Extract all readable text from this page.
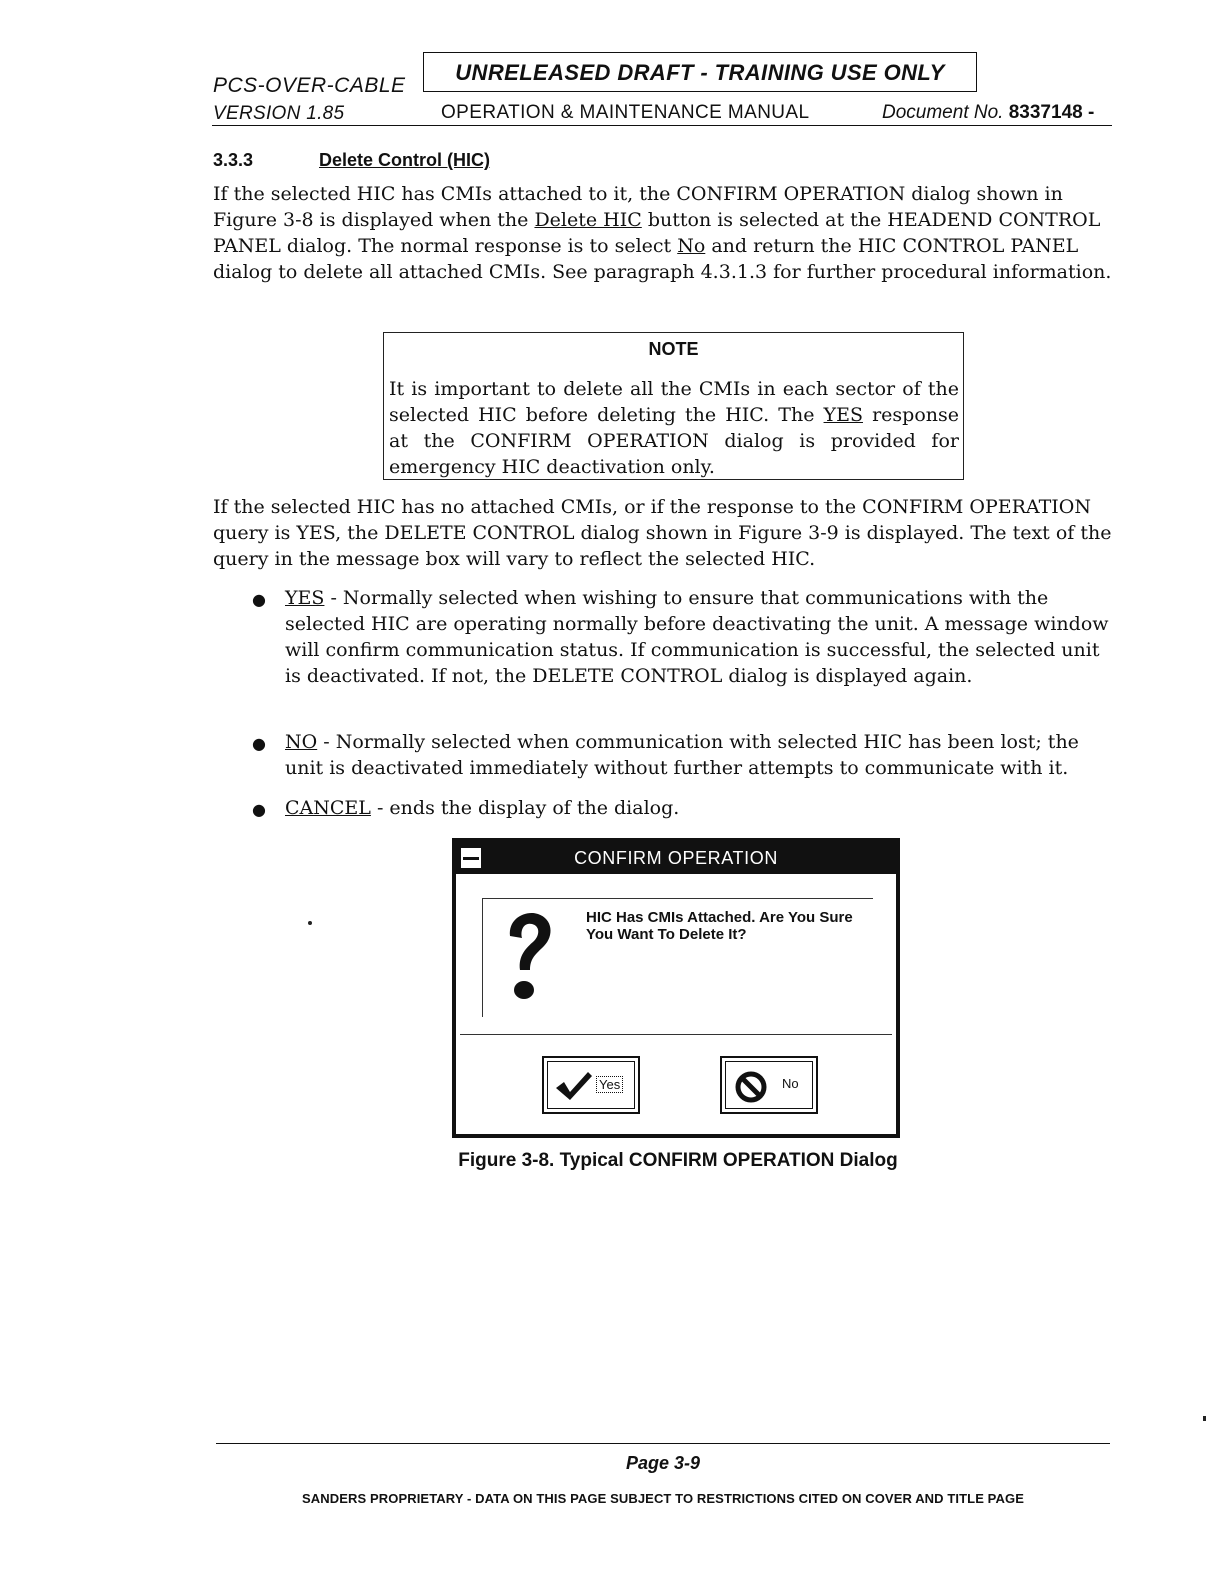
PCS-OVER-CABLE
VERSION 1.85
UNRELEASED DRAFT - TRAINING USE ONLY
OPERATION & MAINTENANCE MANUAL	Document No. 8337148 -
3.3.3	Delete Control (HIC)
If the selected HIC has CMIs attached to it, the CONFIRM OPERATION dialog shown in Figure 3-8 is displayed when the Delete HIC button is selected at the HEADEND CONTROL PANEL dialog. The normal response is to select No and return the HIC CONTROL PANEL dialog to delete all attached CMIs. See paragraph 4.3.1.3 for further procedural information.
NOTE
It is important to delete all the CMIs in each sector of the selected HIC before deleting the HIC. The YES response at the CONFIRM OPERATION dialog is provided for emergency HIC deactivation only.
If the selected HIC has no attached CMIs, or if the response to the CONFIRM OPERATION query is YES, the DELETE CONTROL dialog shown in Figure 3-9 is displayed. The text of the query in the message box will vary to reflect the selected HIC.
● YES - Normally selected when wishing to ensure that communications with the selected HIC are operating normally before deactivating the unit. A message window will confirm communication status. If communication is successful, the selected unit is deactivated. If not, the DELETE CONTROL dialog is displayed again.
● NO - Normally selected when communication with selected HIC has been lost; the unit is deactivated immediately without further attempts to communicate with it.
● CANCEL - ends the display of the dialog.
CONFIRM OPERATION
HIC Has CMIs Attached. Are You Sure You Want To Delete It?
Yes	No
Figure 3-8. Typical CONFIRM OPERATION Dialog
Page 3-9
SANDERS PROPRIETARY - DATA ON THIS PAGE SUBJECT TO RESTRICTIONS CITED ON COVER AND TITLE PAGE
